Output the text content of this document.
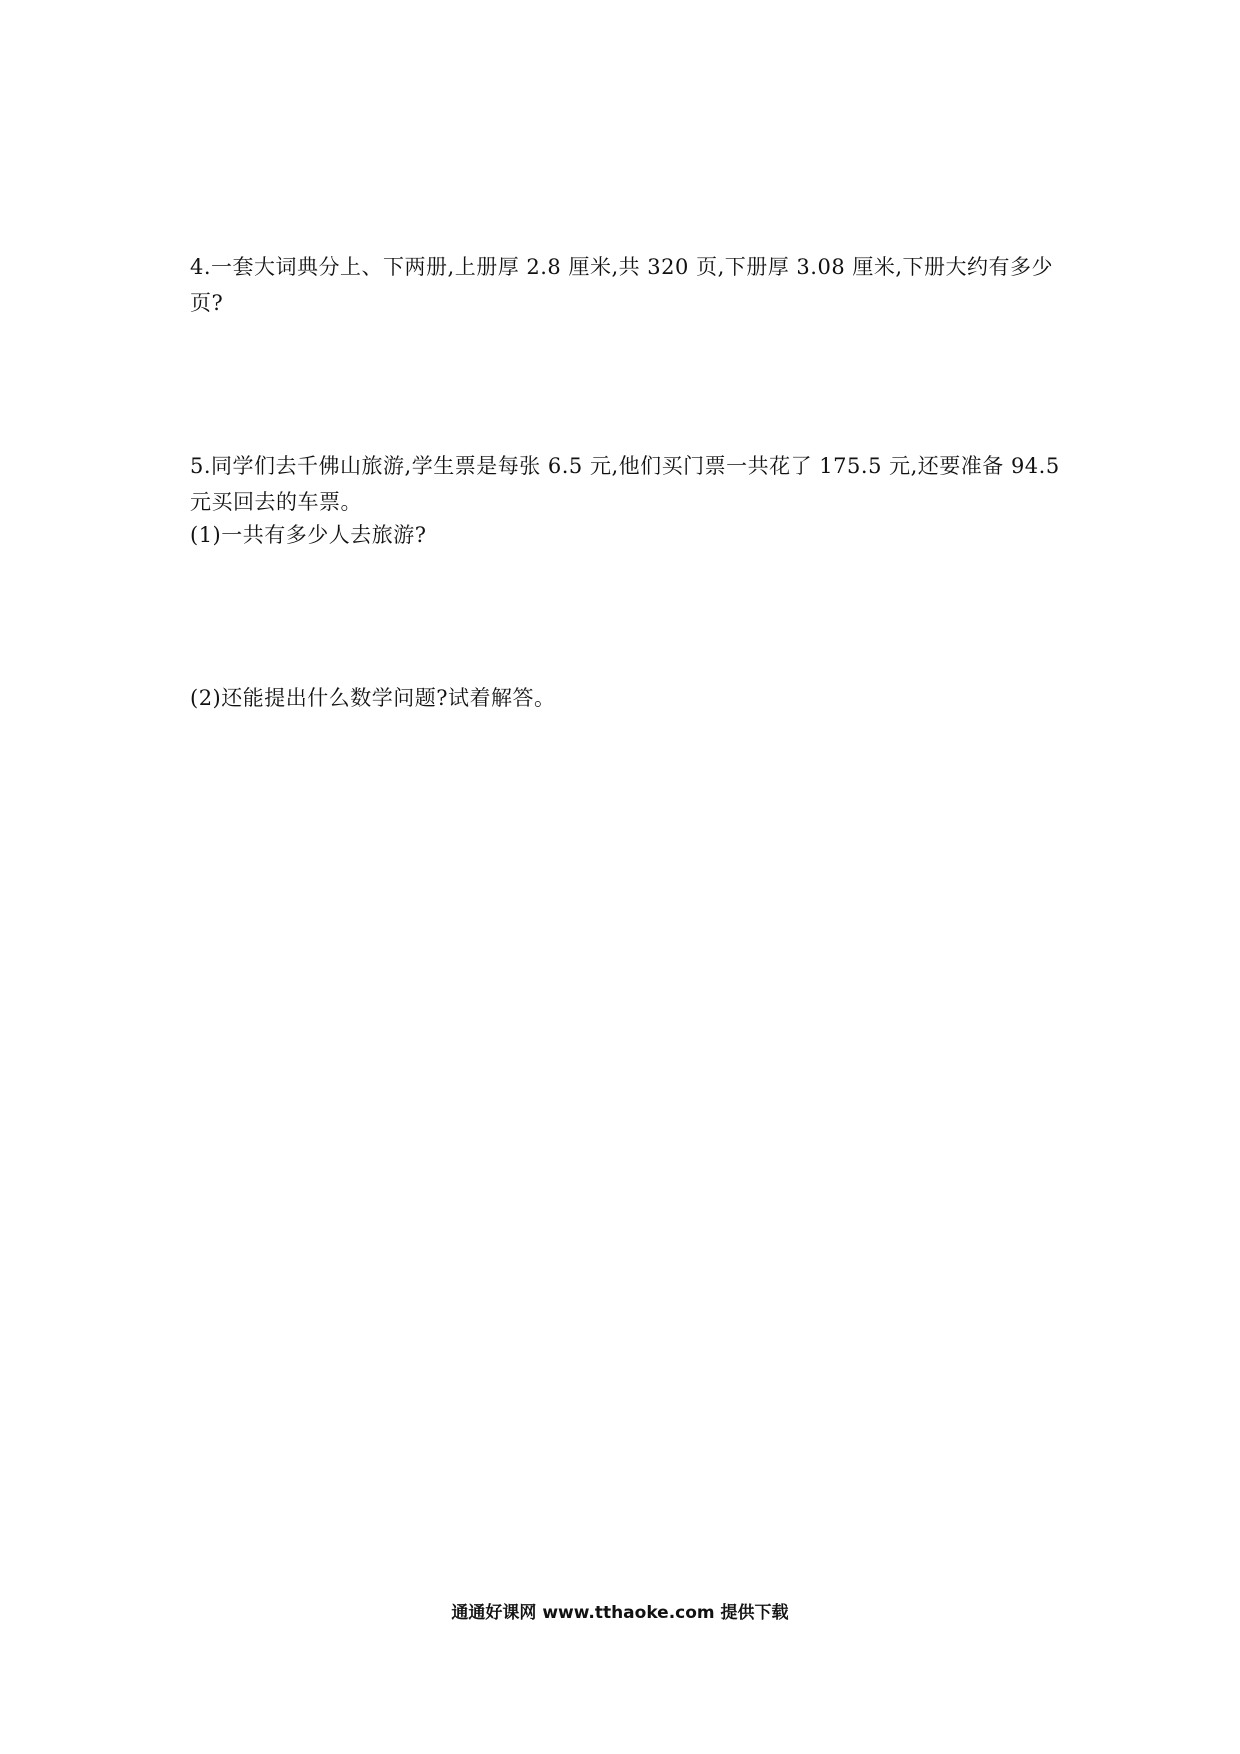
4.一套大词典分上、下两册,上册厚 2.8 厘米,共 320 页,下册厚 3.08 厘米,下册大约有多少
页?
5.同学们去千佛山旅游,学生票是每张 6.5 元,他们买门票一共花了 175.5 元,还要准备 94.5
元买回去的车票。
(1)一共有多少人去旅游?
(2)还能提出什么数学问题?试着解答。
通通好课网 www.tthaoke.com 提供下载
